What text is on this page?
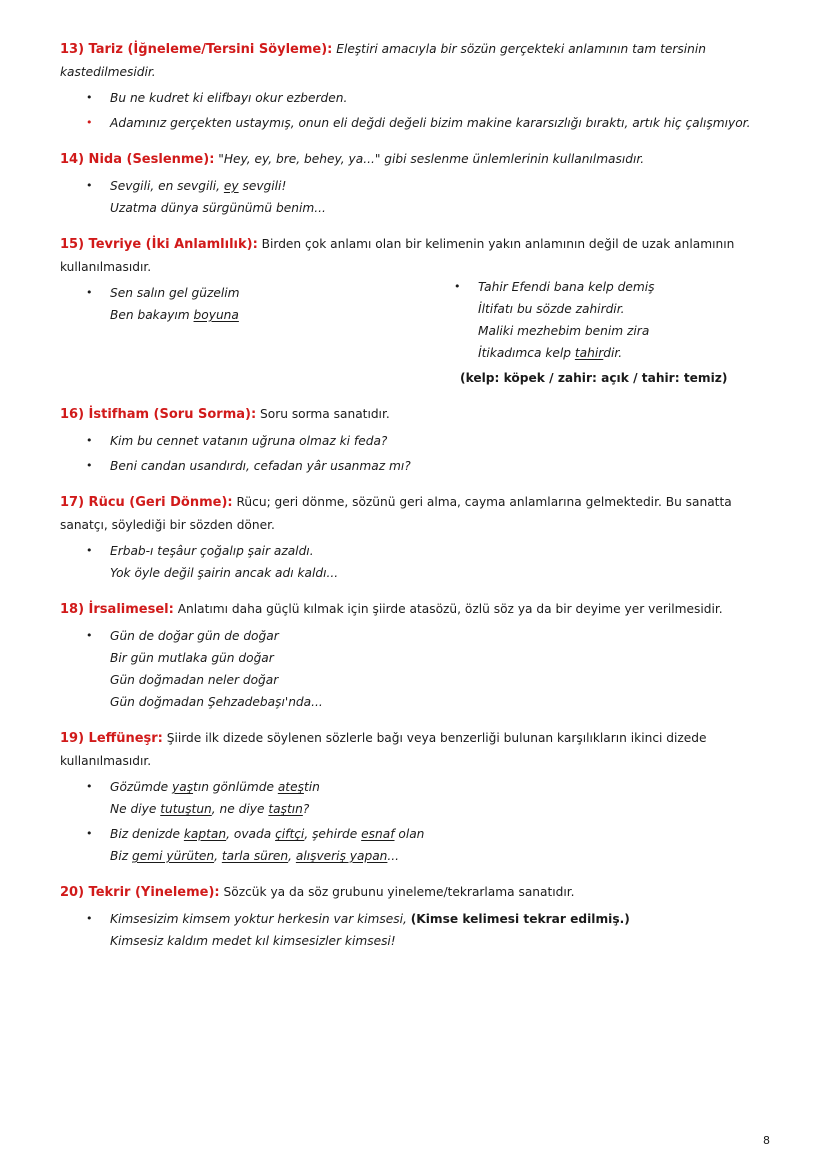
13) Tariz (İğneleme/Tersini Söyleme): Eleştiri amacıyla bir sözün gerçekteki anlamının tam tersinin kastedilmesidir.

• Bu ne kudret ki elifbayı okur ezberden.
• Adamınız gerçekten ustaymış, onun eli değdi değeli bizim makine kararsızlığı bıraktı, artık hiç çalışmıyor.

14) Nida (Seslenme): "Hey, ey, bre, behey, ya..." gibi seslenme ünlemlerinin kullanılmasıdır.

• Sevgili, en sevgili, ey sevgili!
Uzatma dünya sürgünümü benim...

15) Tevriye (İki Anlamlılık): Birden çok anlamı olan bir kelimenin yakın anlamının değil de uzak anlamının kullanılmasıdır.

• Sen salın gel güzelim
Ben bakayım boyuna
• Tahir Efendi bana kelp demiş
İltifatı bu sözde zahirdir.
Maliki mezhebim benim zira
İtikadımca kelp tahirdir.
(kelp: köpek / zahir: açık / tahir: temiz)

16) İstifham (Soru Sorma): Soru sorma sanatıdır.

• Kim bu cennet vatanın uğruna olmaz ki feda?
• Beni candan usandırdı, cefadan yâr usanmaz mı?

17) Rücu (Geri Dönme): Rücu; geri dönme, sözünü geri alma, cayma anlamlarına gelmektedir. Bu sanatta sanatçı, söylediği bir sözden döner.

• Erbab-ı teşâur çoğalıp şair azaldı.
Yok öyle değil şairin ancak adı kaldı...

18) İrsalimesel: Anlatımı daha güçlü kılmak için şiirde atasözü, özlü söz ya da bir deyime yer verilmesidir.

• Gün de doğar gün de doğar
Bir gün mutlaka gün doğar
Gün doğmadan neler doğar
Gün doğmadan Şehzadebaşı'nda...

19) Leffüneşr: Şiirde ilk dizede söylenen sözlerle bağı veya benzerliği bulunan karşılıkların ikinci dizede kullanılmasıdır.

• Gözümde yaştın gönlümde ateştin
Ne diye tutuştun, ne diye taştın?
• Biz denizde kaptan, ovada çiftçi, şehirde esnaf olan
Biz gemi yürüten, tarla süren, alışveriş yapan...

20) Tekrir (Yineleme): Sözcük ya da söz grubunu yineleme/tekrarlama sanatıdır.

• Kimsesizim kimsem yoktur herkesin var kimsesi, (Kimse kelimesi tekrar edilmiş.)
Kimsesiz kaldım medet kıl kimsesizler kimsesi!
8
